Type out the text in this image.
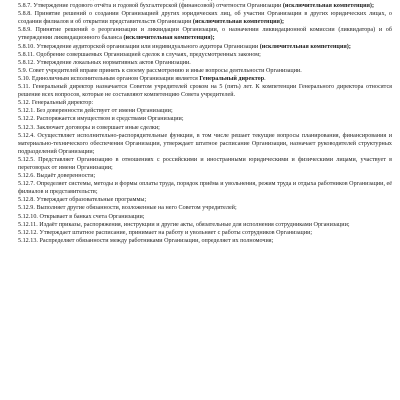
5.8.7. Утверждение годового отчёта и годовой бухгалтерской (финансовой) отчетности Организации (исключительная компетенция);

5.8.8. Принятие решений о создании Организацией других юридических лиц, об участии Организации в других юридических лицах, о создании филиалов и об открытии представительств Организации (исключительная компетенция);

5.8.9. Принятие решений о реорганизации и ликвидации Организации, о назначении ликвидационной комиссии (ликвидатора) и об утверждении ликвидационного баланса (исключительная компетенция);

5.8.10. Утверждение аудиторской организации или индивидуального аудитора Организации (исключительная компетенция);

5.8.11. Одобрение совершаемых Организацией сделок в случаях, предусмотренных законом;

5.8.12. Утверждение локальных нормативных актов Организации.

5.9. Совет учредителей вправе принять к своему рассмотрению и иные вопросы деятельности Организации.

5.10. Единоличным исполнительным органом Организации является Генеральный директор.

5.11. Генеральный директор назначается Советом учредителей сроком на 5 (пять) лет. К компетенции Генерального директора относятся решение всех вопросов, которые не составляют компетенцию Совета учредителей.

5.12. Генеральный директор:

5.12.1. Без доверенности действует от имени Организации;

5.12.2. Распоряжается имуществом и средствами Организации;

5.12.3. Заключает договоры и совершает иные сделки;

5.12.4. Осуществляет исполнительно-распорядительные функции, в том числе решает текущие вопросы планирования, финансирования и материально-технического обеспечения Организации, утверждает штатное расписание Организации, назначает руководителей структурных подразделений Организации;

5.12.5. Представляет Организацию в отношениях с российскими и иностранными юридическими и физическими лицами, участвует в переговорах от имени Организации;

5.12.6. Выдаёт доверенности;

5.12.7. Определяет системы, методы и формы оплаты труда, порядок приёма и увольнения, режим труда и отдыха работников Организации, её филиалов и представительств;

5.12.8. Утверждает образовательные программы;

5.12.9. Выполняет другие обязанности, возложенные на него Советом учредителей;

5.12.10. Открывает в банках счета Организации;

5.12.11. Издаёт приказы, распоряжения, инструкции и другие акты, обязательные для исполнения сотрудниками Организации;

5.12.12. Утверждает штатное расписание, принимает на работу и увольняет с работы сотрудников Организации;

5.12.13. Распределяет обязанности между работниками Организации, определяет их полномочия;
